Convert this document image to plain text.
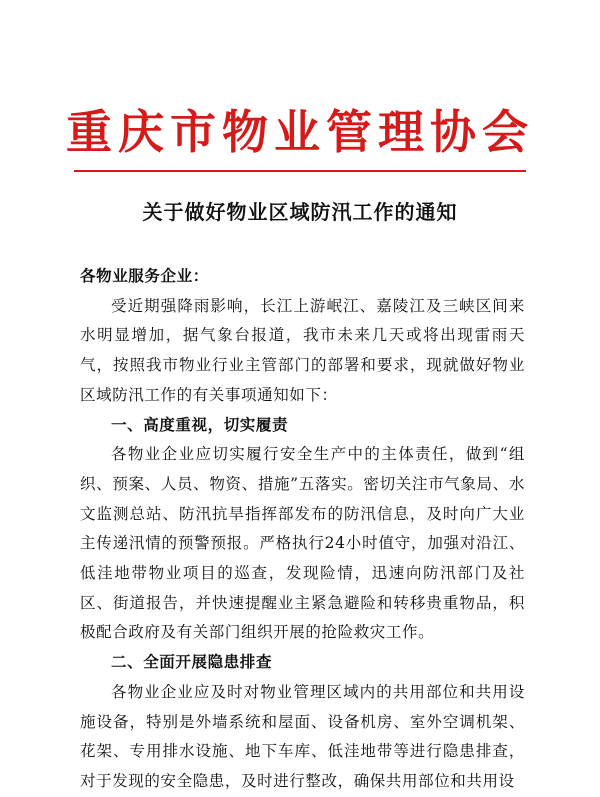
重庆市物业管理协会
关于做好物业区域防汛工作的通知

各物业服务企业：

受近期强降雨影响，长江上游岷江、嘉陵江及三峡区间来水明显增加，据气象台报道，我市未来几天或将出现雷雨天气，按照我市物业行业主管部门的部署和要求，现就做好物业区域防汛工作的有关事项通知如下：

一、高度重视，切实履责

各物业企业应切实履行安全生产中的主体责任，做到“组织、预案、人员、物资、措施”五落实。密切关注市气象局、水文监测总站、防汛抗旱指挥部发布的防汛信息，及时向广大业主传递汛情的预警预报。严格执行24小时值守，加强对沿江、低洼地带物业项目的巡查，发现险情，迅速向防汛部门及社区、街道报告，并快速提醒业主紧急避险和转移贵重物品，积极配合政府及有关部门组织开展的抢险救灾工作。

二、全面开展隐患排查

各物业企业应及时对物业管理区域内的共用部位和共用设施设备，特别是外墙系统和屋面、设备机房、室外空调机架、花架、专用排水设施、地下车库、低洼地带等进行隐患排查，对于发现的安全隐患，及时进行整改，确保共用部位和共用设
